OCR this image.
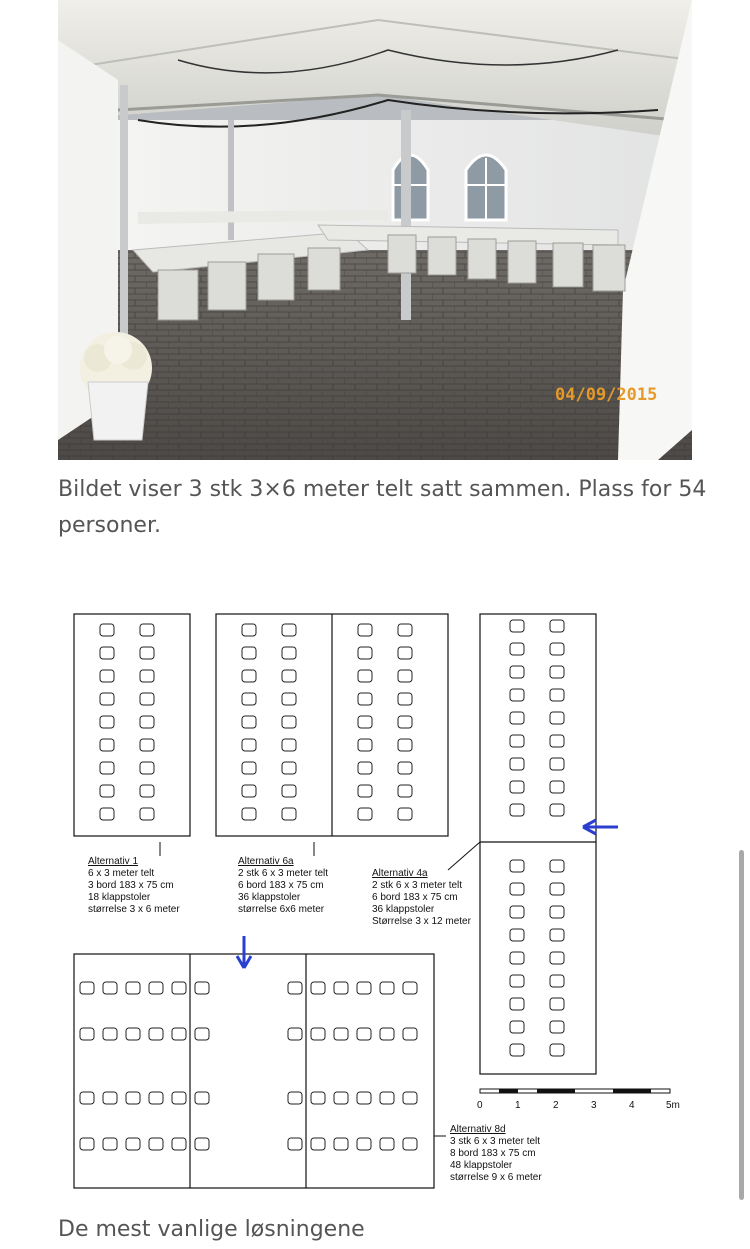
04/09/2015

Bildet viser 3 stk 3×6 meter telt satt sammen. Plass for 54 personer.

Alternativ 1
6 x 3 meter telt
3 bord 183 x 75 cm
18 klappstoler
størrelse 3 x 6 meter
Alternativ 6a
2 stk 6 x 3 meter telt
6 bord 183 x 75 cm
36 klappstoler
størrelse 6x6 meter
Alternativ 4a
2 stk 6 x 3 meter telt
6 bord 183 x 75 cm
36 klappstoler
Størrelse 3 x 12 meter
Alternativ 8d
3 stk 6 x 3 meter telt
8 bord 183 x 75 cm
48 klappstoler
størrelse 9 x 6 meter
0	1	2	3	4	5m

De mest vanlige løsningene
